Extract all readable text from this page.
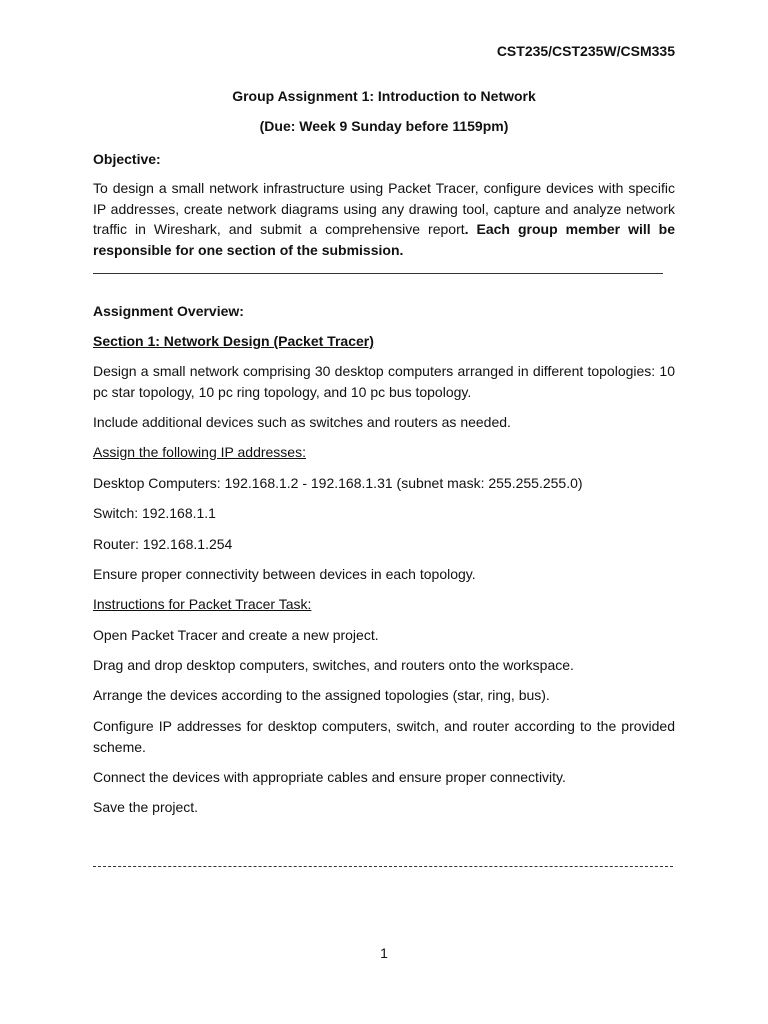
CST235/CST235W/CSM335
Group Assignment 1: Introduction to Network
(Due: Week 9 Sunday before 1159pm)
Objective:
To design a small network infrastructure using Packet Tracer, configure devices with specific IP addresses, create network diagrams using any drawing tool, capture and analyze network traffic in Wireshark, and submit a comprehensive report. Each group member will be responsible for one section of the submission.
Assignment Overview:
Section 1: Network Design (Packet Tracer)
Design a small network comprising 30 desktop computers arranged in different topologies: 10 pc star topology, 10 pc ring topology, and 10 pc bus topology.
Include additional devices such as switches and routers as needed.
Assign the following IP addresses:
Desktop Computers: 192.168.1.2 - 192.168.1.31 (subnet mask: 255.255.255.0)
Switch: 192.168.1.1
Router: 192.168.1.254
Ensure proper connectivity between devices in each topology.
Instructions for Packet Tracer Task:
Open Packet Tracer and create a new project.
Drag and drop desktop computers, switches, and routers onto the workspace.
Arrange the devices according to the assigned topologies (star, ring, bus).
Configure IP addresses for desktop computers, switch, and router according to the provided scheme.
Connect the devices with appropriate cables and ensure proper connectivity.
Save the project.
1
